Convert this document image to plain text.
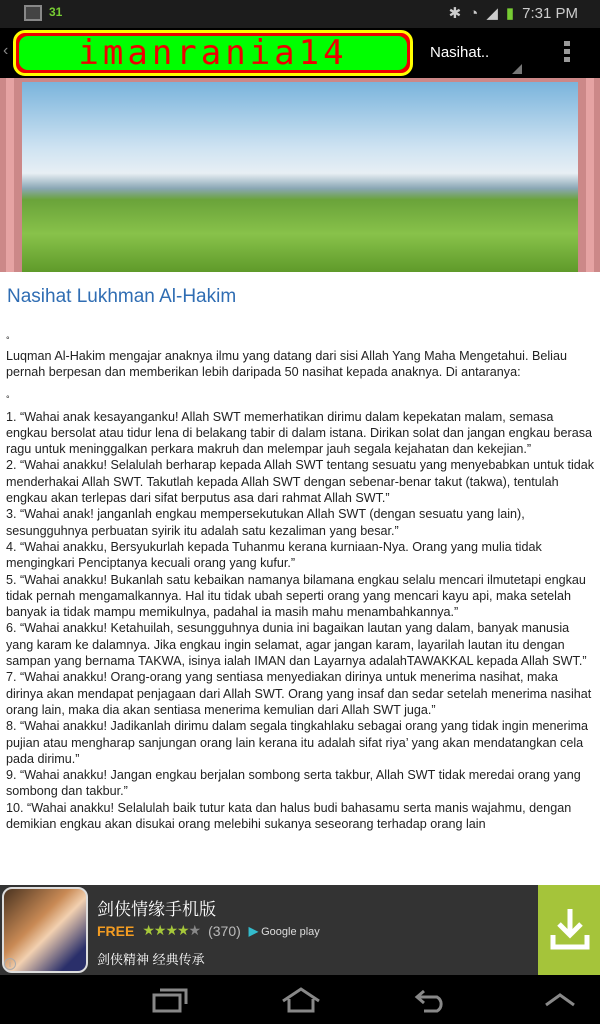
31	✱ ◔ ◢ ▮ 7:31 PM
‹	imanrania14	Nasihat..
Nasihat Lukhman Al-Hakim

°

Luqman Al-Hakim mengajar anaknya ilmu yang datang dari sisi Allah Yang Maha Mengetahui. Beliau pernah berpesan dan memberikan lebih daripada 50 nasihat kepada anaknya. Di antaranya:

°

1. “Wahai anak kesayanganku! Allah SWT memerhatikan dirimu dalam kepekatan malam, semasa engkau bersolat atau tidur lena di belakang tabir di dalam istana. Dirikan solat dan jangan engkau berasa ragu untuk meninggalkan perkara makruh dan melempar jauh segala kejahatan dan kekejian.”

2. “Wahai anakku! Selalulah berharap kepada Allah SWT tentang sesuatu yang menyebabkan untuk tidak menderhakai Allah SWT. Takutlah kepada Allah SWT dengan sebenar-benar takut (takwa), tentulah engkau akan terlepas dari sifat berputus asa dari rahmat Allah SWT.”

3. “Wahai anak! janganlah engkau mempersekutukan Allah SWT (dengan sesuatu yang lain), sesungguhnya perbuatan syirik itu adalah satu kezaliman yang besar.”

4. “Wahai anakku, Bersyukurlah kepada Tuhanmu kerana kurniaan-Nya. Orang yang mulia tidak mengingkari Penciptanya kecuali orang yang kufur.”

5. “Wahai anakku! Bukanlah satu kebaikan namanya bilamana engkau selalu mencari ilmutetapi engkau tidak pernah mengamalkannya. Hal itu tidak ubah seperti orang yang mencari kayu api, maka setelah banyak ia tidak mampu memikulnya, padahal ia masih mahu menambahkannya.”

6. “Wahai anakku! Ketahuilah, sesungguhnya dunia ini bagaikan lautan yang dalam, banyak manusia yang karam ke dalamnya. Jika engkau ingin selamat, agar jangan karam, layarilah lautan itu dengan sampan yang bernama TAKWA, isinya ialah IMAN dan Layarnya adalahTAWAKKAL kepada Allah SWT.”

7. “Wahai anakku! Orang-orang yang sentiasa menyediakan dirinya untuk menerima nasihat, maka dirinya akan mendapat penjagaan dari Allah SWT. Orang yang insaf dan sedar setelah menerima nasihat orang lain, maka dia akan sentiasa menerima kemulian dari Allah SWT juga.”

8. “Wahai anakku! Jadikanlah dirimu dalam segala tingkahlaku sebagai orang yang tidak ingin menerima pujian atau mengharap sanjungan orang lain kerana itu adalah sifat riya’ yang akan mendatangkan cela pada dirimu.”

9. “Wahai anakku! Jangan engkau berjalan sombong serta takbur, Allah SWT tidak meredai orang yang sombong dan takbur.”

10. “Wahai anakku! Selalulah baik tutur kata dan halus budi bahasamu serta manis wajahmu, dengan demikian engkau akan disukai orang melebihi sukanya seseorang terhadap orang lain

i
剑侠情缘手机版
FREE ★★★★★ (370) ▶ Google play
剑侠精神 经典传承
